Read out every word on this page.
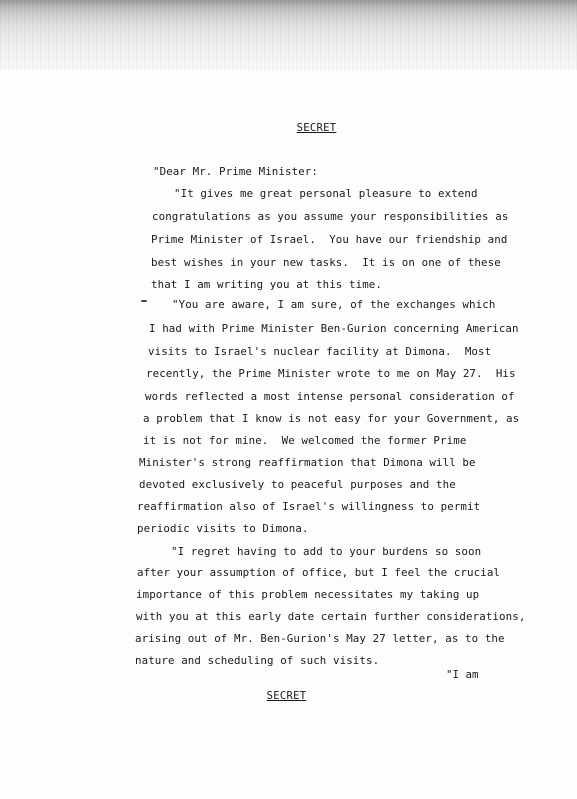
SECRET
"Dear Mr. Prime Minister:
"It gives me great personal pleasure to extend
congratulations as you assume your responsibilities as
Prime Minister of Israel.  You have our friendship and
best wishes in your new tasks.  It is on one of these
that I am writing you at this time.
"You are aware, I am sure, of the exchanges which
I had with Prime Minister Ben-Gurion concerning American
visits to Israel's nuclear facility at Dimona.  Most
recently, the Prime Minister wrote to me on May 27.  His
words reflected a most intense personal consideration of
a problem that I know is not easy for your Government, as
it is not for mine.  We welcomed the former Prime
Minister's strong reaffirmation that Dimona will be
devoted exclusively to peaceful purposes and the
reaffirmation also of Israel's willingness to permit
periodic visits to Dimona.
"I regret having to add to your burdens so soon
after your assumption of office, but I feel the crucial
importance of this problem necessitates my taking up
with you at this early date certain further considerations,
arising out of Mr. Ben-Gurion's May 27 letter, as to the
nature and scheduling of such visits.
"I am
SECRET
